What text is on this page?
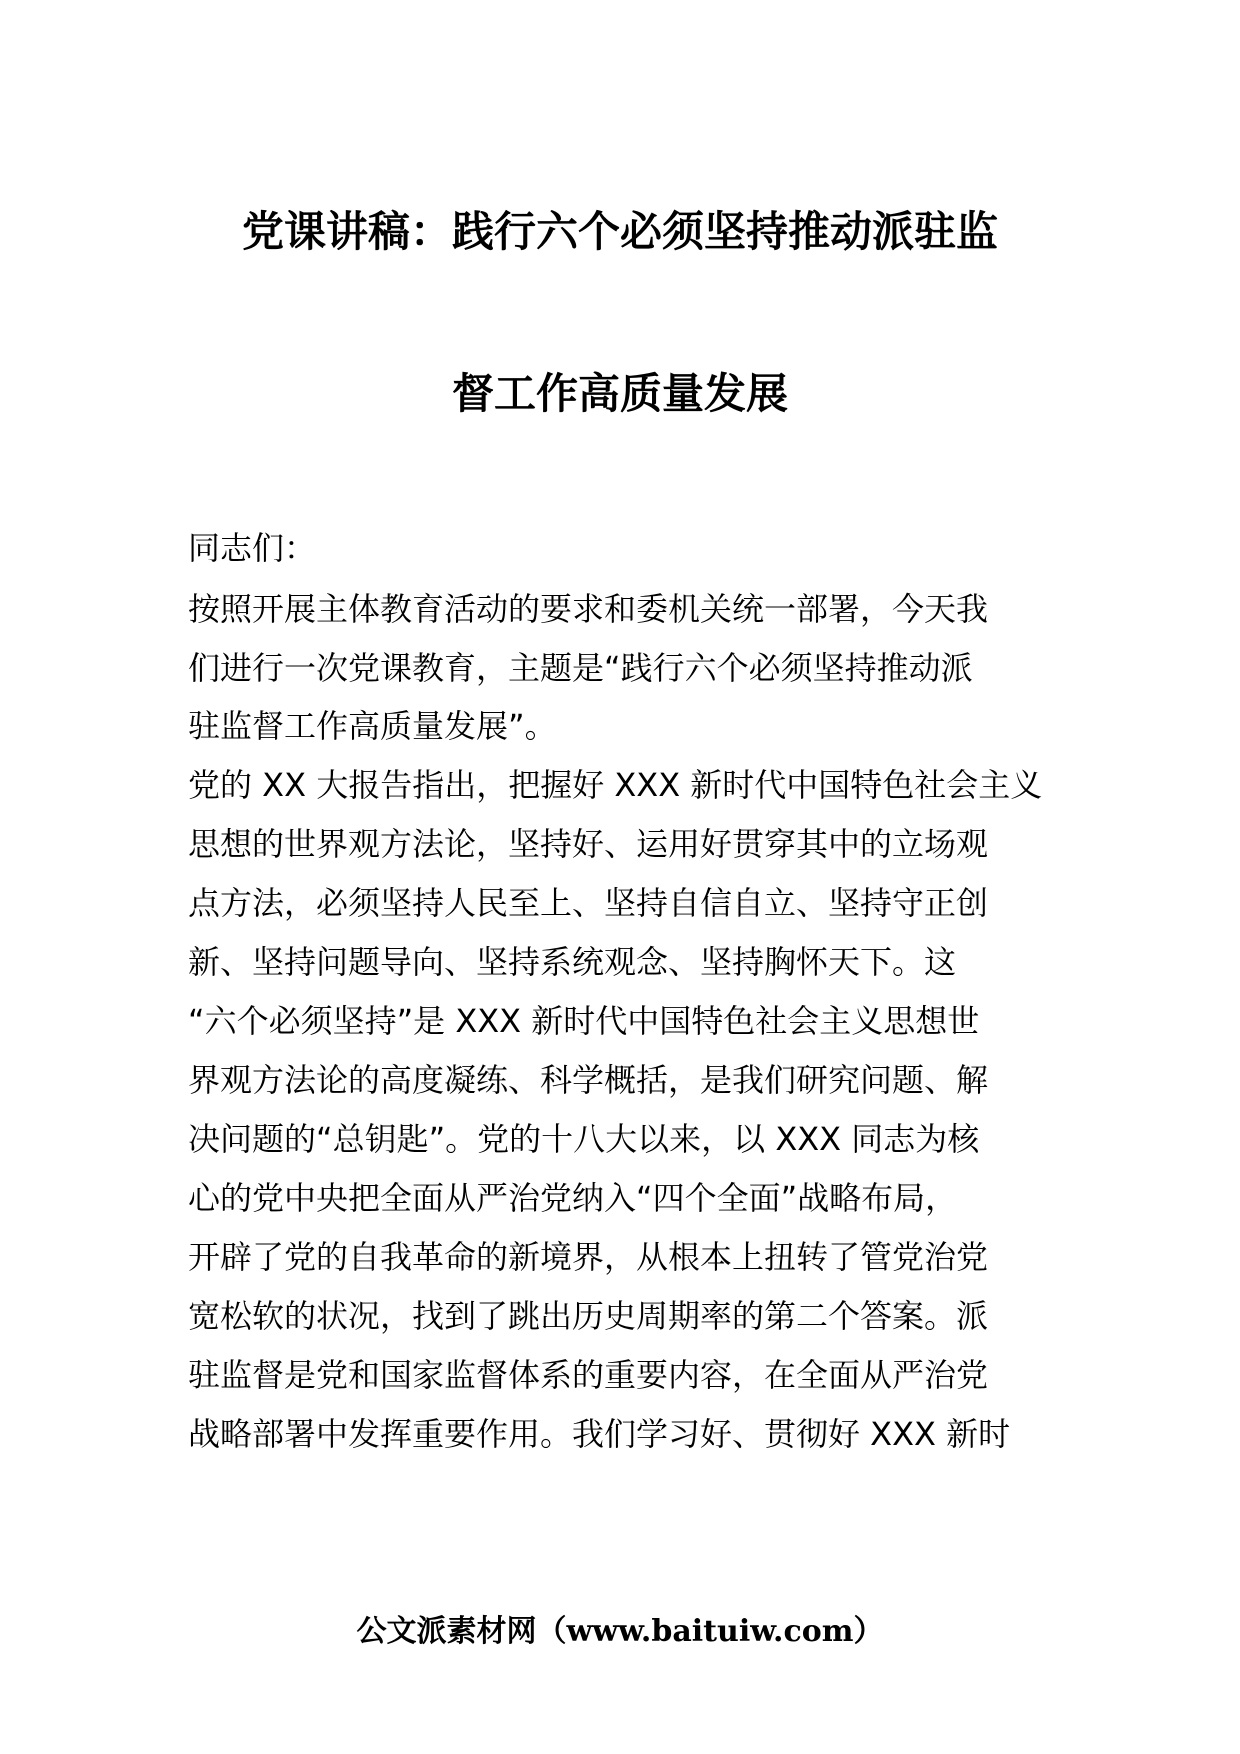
党课讲稿：践行六个必须坚持推动派驻监
督工作高质量发展
同志们：
按照开展主体教育活动的要求和委机关统一部署，今天我
们进行一次党课教育，主题是“践行六个必须坚持推动派
驻监督工作高质量发展”。
党的 XX 大报告指出，把握好 XXX 新时代中国特色社会主义
思想的世界观方法论，坚持好、运用好贯穿其中的立场观
点方法，必须坚持人民至上、坚持自信自立、坚持守正创
新、坚持问题导向、坚持系统观念、坚持胸怀天下。这
“六个必须坚持”是 XXX 新时代中国特色社会主义思想世
界观方法论的高度凝练、科学概括，是我们研究问题、解
决问题的“总钥匙”。党的十八大以来，以 XXX 同志为核
心的党中央把全面从严治党纳入“四个全面”战略布局，
开辟了党的自我革命的新境界，从根本上扭转了管党治党
宽松软的状况，找到了跳出历史周期率的第二个答案。派
驻监督是党和国家监督体系的重要内容，在全面从严治党
战略部署中发挥重要作用。我们学习好、贯彻好 XXX 新时
公文派素材网（www.baituiw.com）
